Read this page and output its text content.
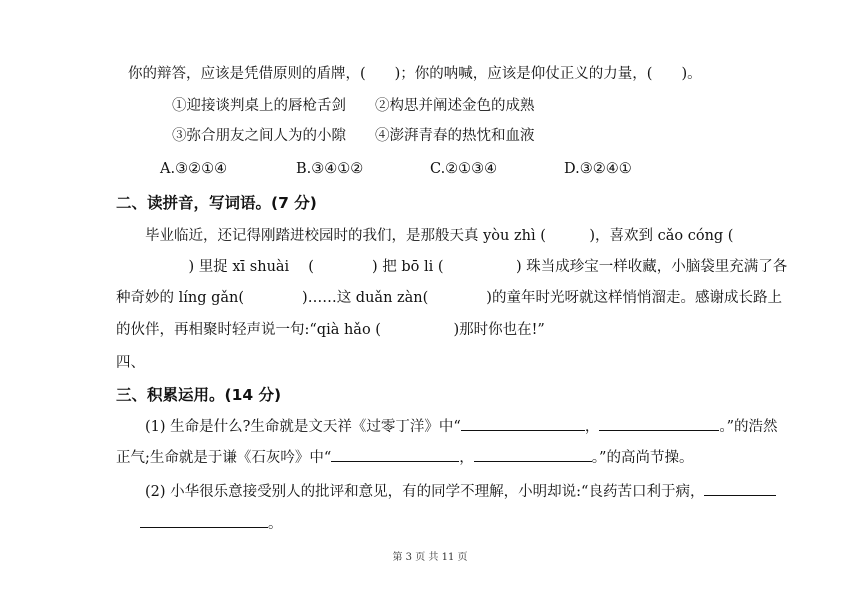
你的辩答，应该是凭借原则的盾牌，(　　)；你的呐喊，应该是仰仗正义的力量，(　　)。
①迎接谈判桌上的唇枪舌剑　　②构思并阐述金色的成熟
③弥合朋友之间人为的小隙　　④澎湃青春的热忱和血液
A.③②①④	B.③④①②	C.②①③④	D.③②④①
二、读拼音，写词语。(7 分)
毕业临近，还记得刚踏进校园时的我们，是那般天真 yòu zhì (　　　)，喜欢到 cǎo cóng (
　　　) 里捉 xī shuài 　(　　　　) 把 bō li (　　　　　) 珠当成珍宝一样收藏，小脑袋里充满了各
种奇妙的 líng gǎn(　　　　)……这 duǎn zàn(　　　　)的童年时光呀就这样悄悄溜走。感谢成长路上
的伙伴，再相聚时轻声说一句:“qià hǎo (　　　　　)那时你也在!”
四、
三、积累运用。(14 分)
(1) 生命是什么?生命就是文天祥《过零丁洋》中“	，	。”的浩然
正气;生命就是于谦《石灰吟》中“	，	。”的高尚节操。
(2) 小华很乐意接受别人的批评和意见，有的同学不理解，小明却说:“良药苦口利于病，
。
第 3 页 共 11 页
